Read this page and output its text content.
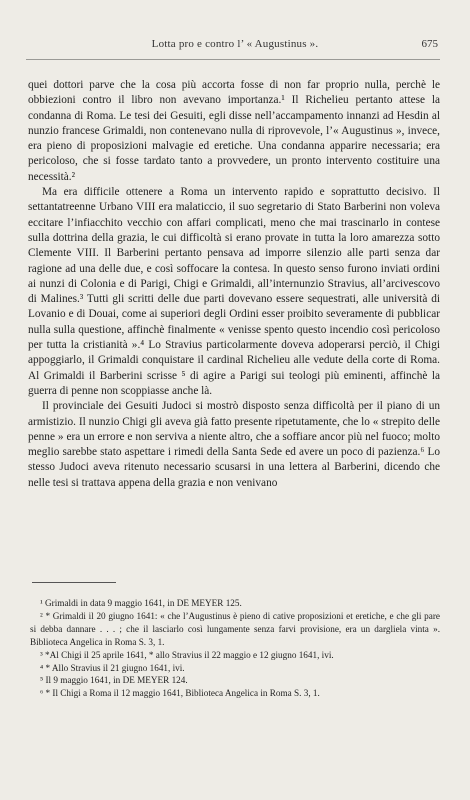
Lotta pro e contro l’ « Augustinus ».	675

quei dottori parve che la cosa più accorta fosse di non far proprio nulla, perchè le obbiezioni contro il libro non avevano importanza.¹ Il Richelieu pertanto attese la condanna di Roma. Le tesi dei Gesuiti, egli disse nell’accampamento innanzi ad Hesdin al nunzio francese Grimaldi, non contenevano nulla di riprovevole, l’« Augustinus », invece, era pieno di proposizioni malvagie ed eretiche. Una condanna apparire necessaria; era pericoloso, che si fosse tardato tanto a provvedere, un pronto intervento costituire una necessità.²

Ma era difficile ottenere a Roma un intervento rapido e soprattutto decisivo. Il settantatreenne Urbano VIII era malaticcio, il suo segretario di Stato Barberini non voleva eccitare l’infiacchito vecchio con affari complicati, meno che mai trascinarlo in contese sulla dottrina della grazia, le cui difficoltà si erano provate in tutta la loro amarezza sotto Clemente VIII. Il Barberini pertanto pensava ad imporre silenzio alle parti senza dar ragione ad una delle due, e così soffocare la contesa. In questo senso furono inviati ordini ai nunzi di Colonia e di Parigi, Chigi e Grimaldi, all’internunzio Stravius, all’arcivescovo di Malines.³ Tutti gli scritti delle due parti dovevano essere sequestrati, alle università di Lovanio e di Douai, come ai superiori degli Ordini esser proibito severamente di pubblicar nulla sulla questione, affinchè finalmente « venisse spento questo incendio così pericoloso per tutta la cristianità ».⁴ Lo Stravius particolarmente doveva adoperarsi perciò, il Chigi appoggiarlo, il Grimaldi conquistare il cardinal Richelieu alle vedute della corte di Roma. Al Grimaldi il Barberini scrisse ⁵ di agire a Parigi sui teologi più eminenti, affinchè la guerra di penne non scoppiasse anche là.

Il provinciale dei Gesuiti Judoci si mostrò disposto senza difficoltà per il piano di un armistizio. Il nunzio Chigi gli aveva già fatto presente ripetutamente, che lo « strepito delle penne » era un errore e non serviva a niente altro, che a soffiare ancor più nel fuoco; molto meglio sarebbe stato aspettare i rimedi della Santa Sede ed avere un poco di pazienza.⁶ Lo stesso Judoci aveva ritenuto necessario scusarsi in una lettera al Barberini, dicendo che nelle tesi si trattava appena della grazia e non venivano

¹ Grimaldi in data 9 maggio 1641, in DE MEYER 125.

² * Grimaldi il 20 giugno 1641: « che l’Augustinus è pieno di cative proposizioni et eretiche, e che gli pare si debba dannare . . . ; che il lasciarlo così lungamente senza farvi provisione, era un dargliela vinta ». Biblioteca Angelica in Roma S. 3, 1.

³ *Al Chigi il 25 aprile 1641, * allo Stravius il 22 maggio e 12 giugno 1641, ivi.

⁴ * Allo Stravius il 21 giugno 1641, ivi.

⁵ Il 9 maggio 1641, in DE MEYER 124.

⁶ * Il Chigi a Roma il 12 maggio 1641, Biblioteca Angelica in Roma S. 3, 1.
